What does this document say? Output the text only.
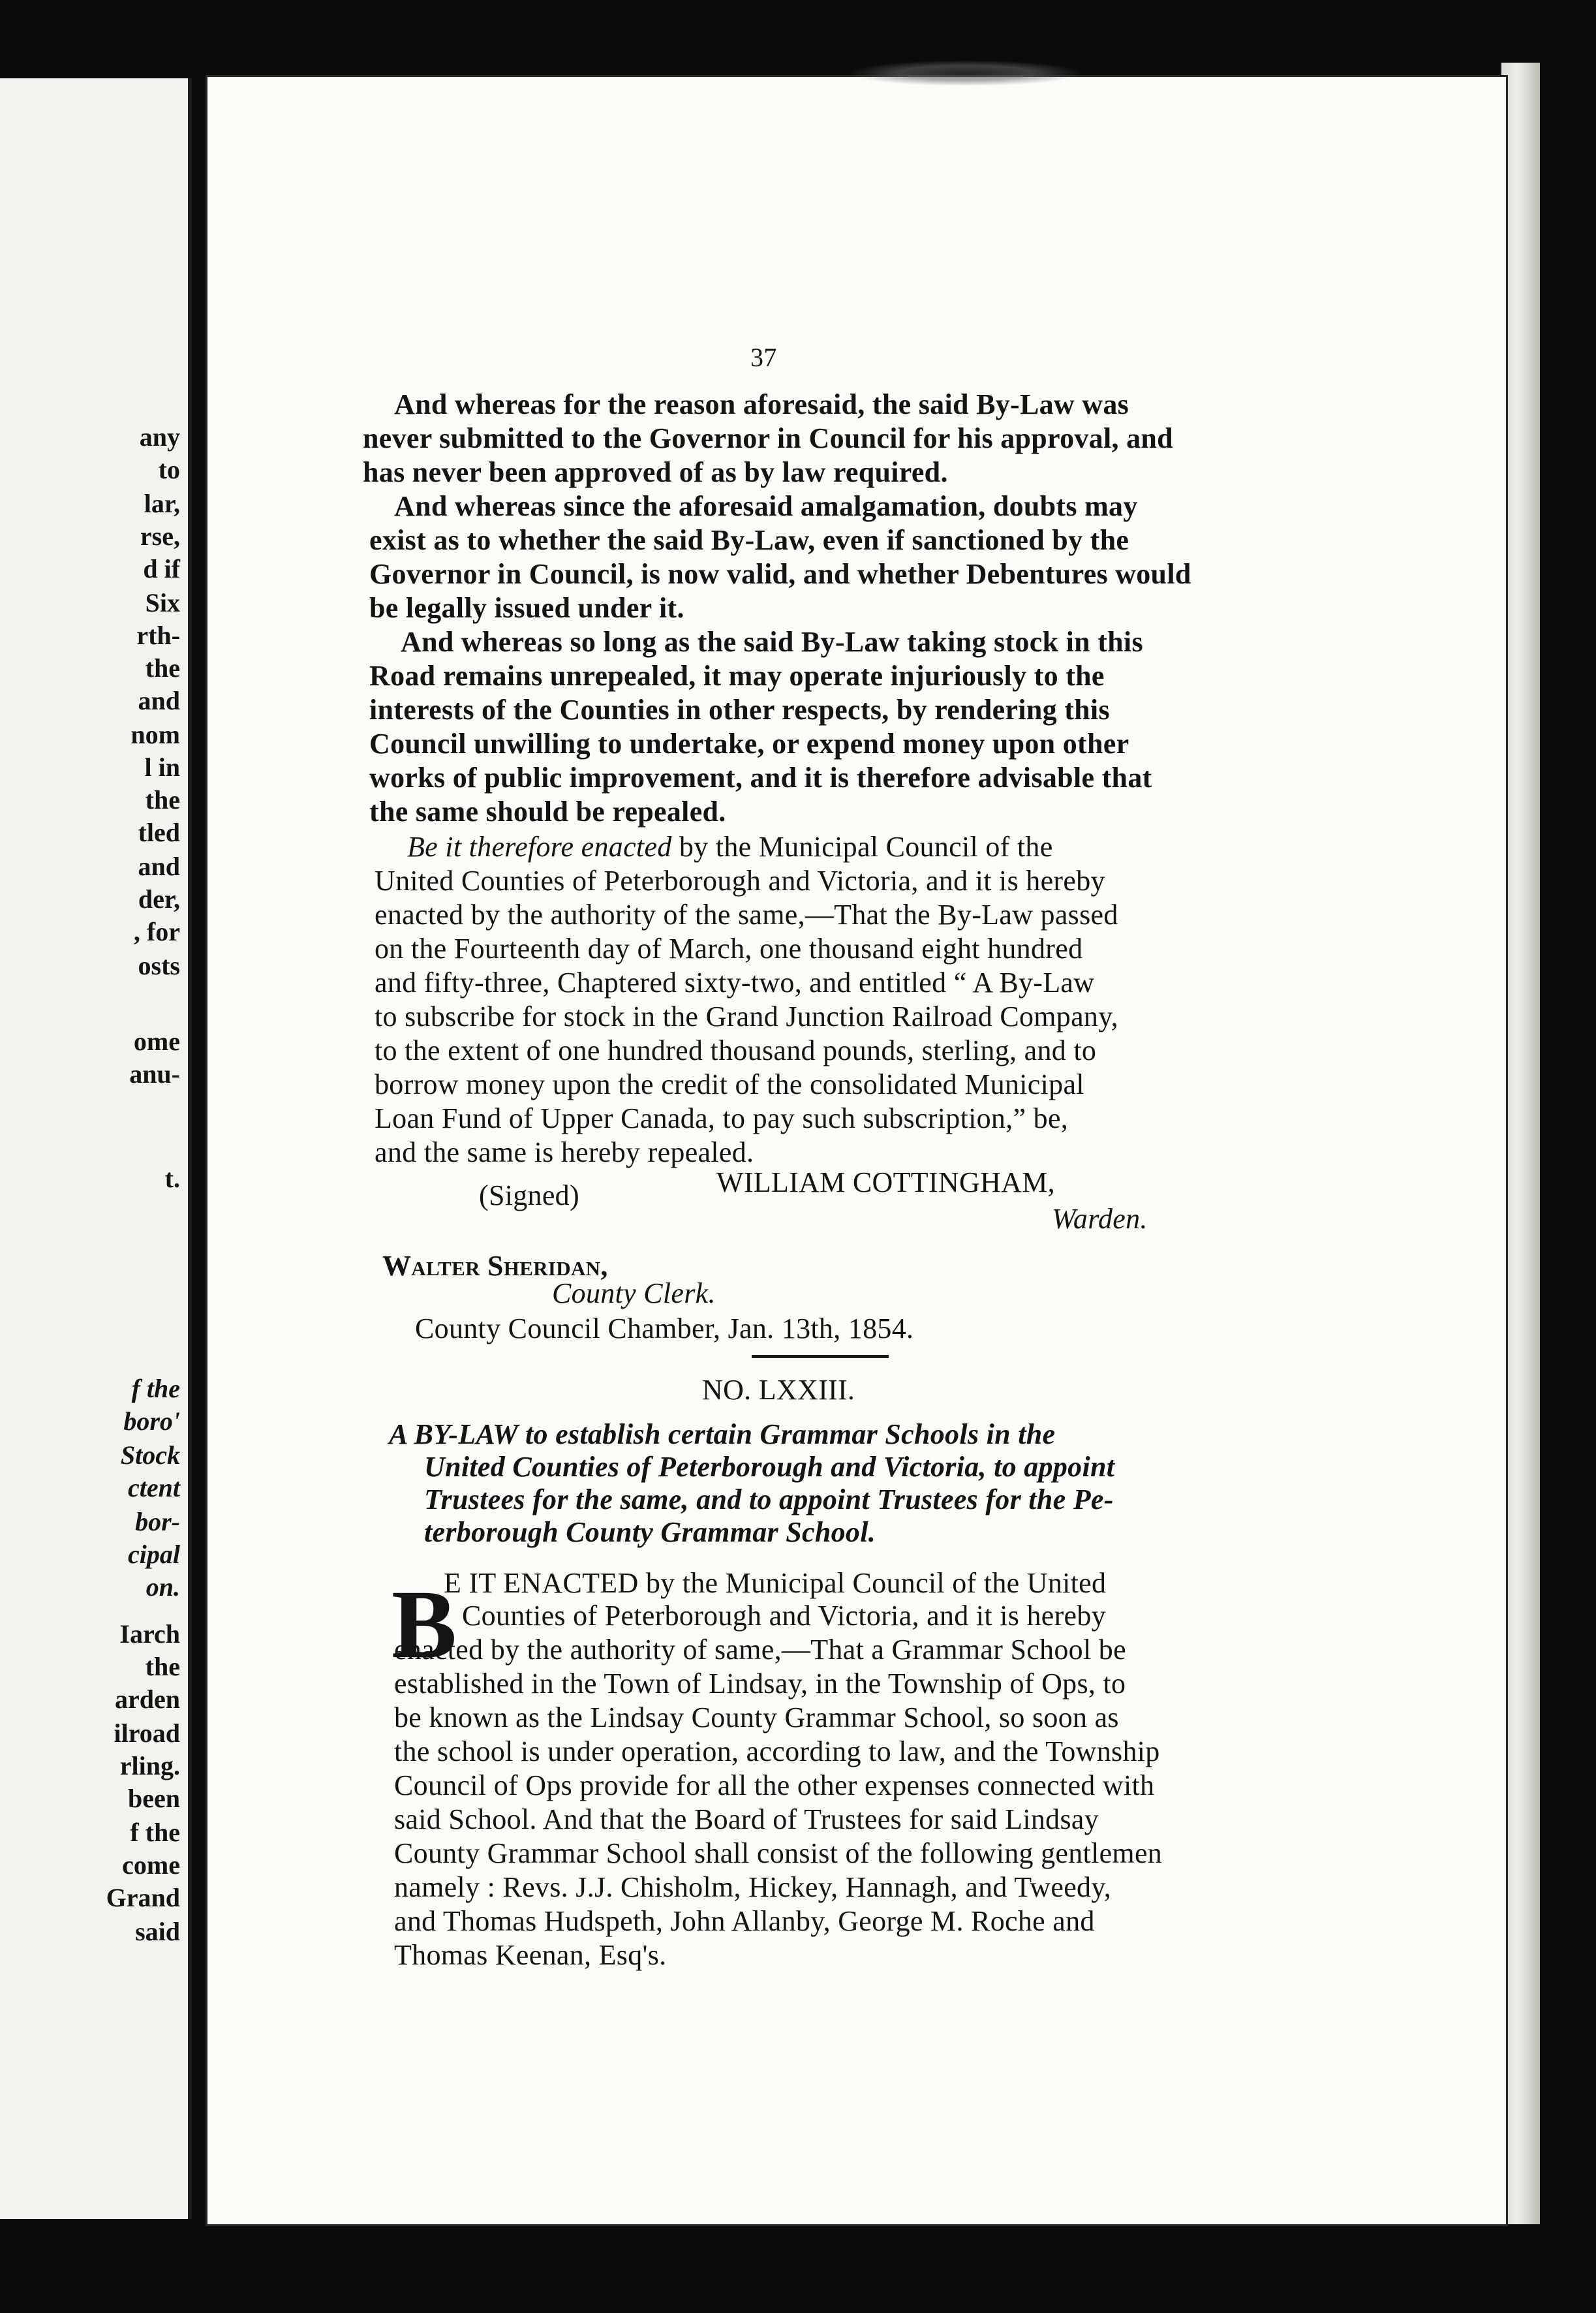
any
to
lar,
rse,
d if
Six
rth-
the
and
nom
l in
the
tled
and
der,
, for
osts
ome
anu-
t.
f the
boro'
Stock
ctent
bor-
cipal
on.
Iarch
the
arden
ilroad
rling.
been
f the
come
Grand
said
37
And whereas for the reason aforesaid, the said By-Law was
never submitted to the Governor in Council for his approval, and
has never been approved of as by law required.
And whereas since the aforesaid amalgamation, doubts may
exist as to whether the said By-Law, even if sanctioned by the
Governor in Council, is now valid, and whether Debentures would
be legally issued under it.
And whereas so long as the said By-Law taking stock in this
Road remains unrepealed, it may operate injuriously to the
interests of the Counties in other respects, by rendering this
Council unwilling to undertake, or expend money upon other
works of public improvement, and it is therefore advisable that
the same should be repealed.
Be it therefore enacted by the Municipal Council of the
United Counties of Peterborough and Victoria, and it is hereby
enacted by the authority of the same,—That the By-Law passed
on the Fourteenth day of March, one thousand eight hundred
and fifty-three, Chaptered sixty-two, and entitled “ A By-Law
to subscribe for stock in the Grand Junction Railroad Company,
to the extent of one hundred thousand pounds, sterling, and to
borrow money upon the credit of the consolidated Municipal
Loan Fund of Upper Canada, to pay such subscription,” be,
and the same is hereby repealed.
(Signed)	WILLIAM COTTINGHAM,
Warden.
Walter Sheridan,
County Clerk.
County Council Chamber, Jan. 13th, 1854.
NO. LXXIII.
A BY-LAW to establish certain Grammar Schools in the
United Counties of Peterborough and Victoria, to appoint
Trustees for the same, and to appoint Trustees for the Pe-
terborough County Grammar School.
B
E IT ENACTED by the Municipal Council of the United
Counties of Peterborough and Victoria, and it is hereby
enacted by the authority of same,—That a Grammar School be
established in the Town of Lindsay, in the Township of Ops, to
be known as the Lindsay County Grammar School, so soon as
the school is under operation, according to law, and the Township
Council of Ops provide for all the other expenses connected with
said School. And that the Board of Trustees for said Lindsay
County Grammar School shall consist of the following gentlemen
namely : Revs. J.J. Chisholm, Hickey, Hannagh, and Tweedy,
and Thomas Hudspeth, John Allanby, George M. Roche and
Thomas Keenan, Esq's.
